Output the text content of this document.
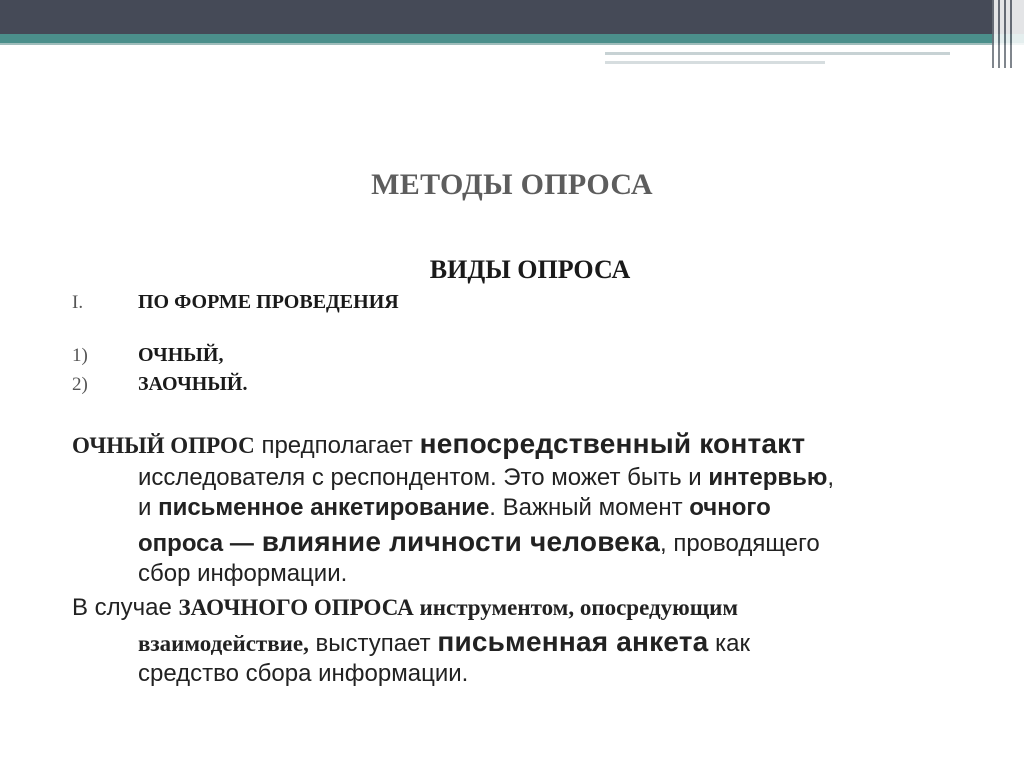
МЕТОДЫ ОПРОСА
ВИДЫ ОПРОСА
I.	ПО ФОРМЕ ПРОВЕДЕНИЯ
1)	ОЧНЫЙ,
2)	ЗАОЧНЫЙ.
ОЧНЫЙ ОПРОС предполагает непосредственный контакт
исследователя с респондентом. Это может быть и интервью,
и письменное анкетирование. Важный момент очного
опроса — влияние личности человека, проводящего
сбор информации.
В случае ЗАОЧНОГО ОПРОСА инструментом, опосредующим
взаимодействие, выступает письменная анкета как
средство сбора информации.
